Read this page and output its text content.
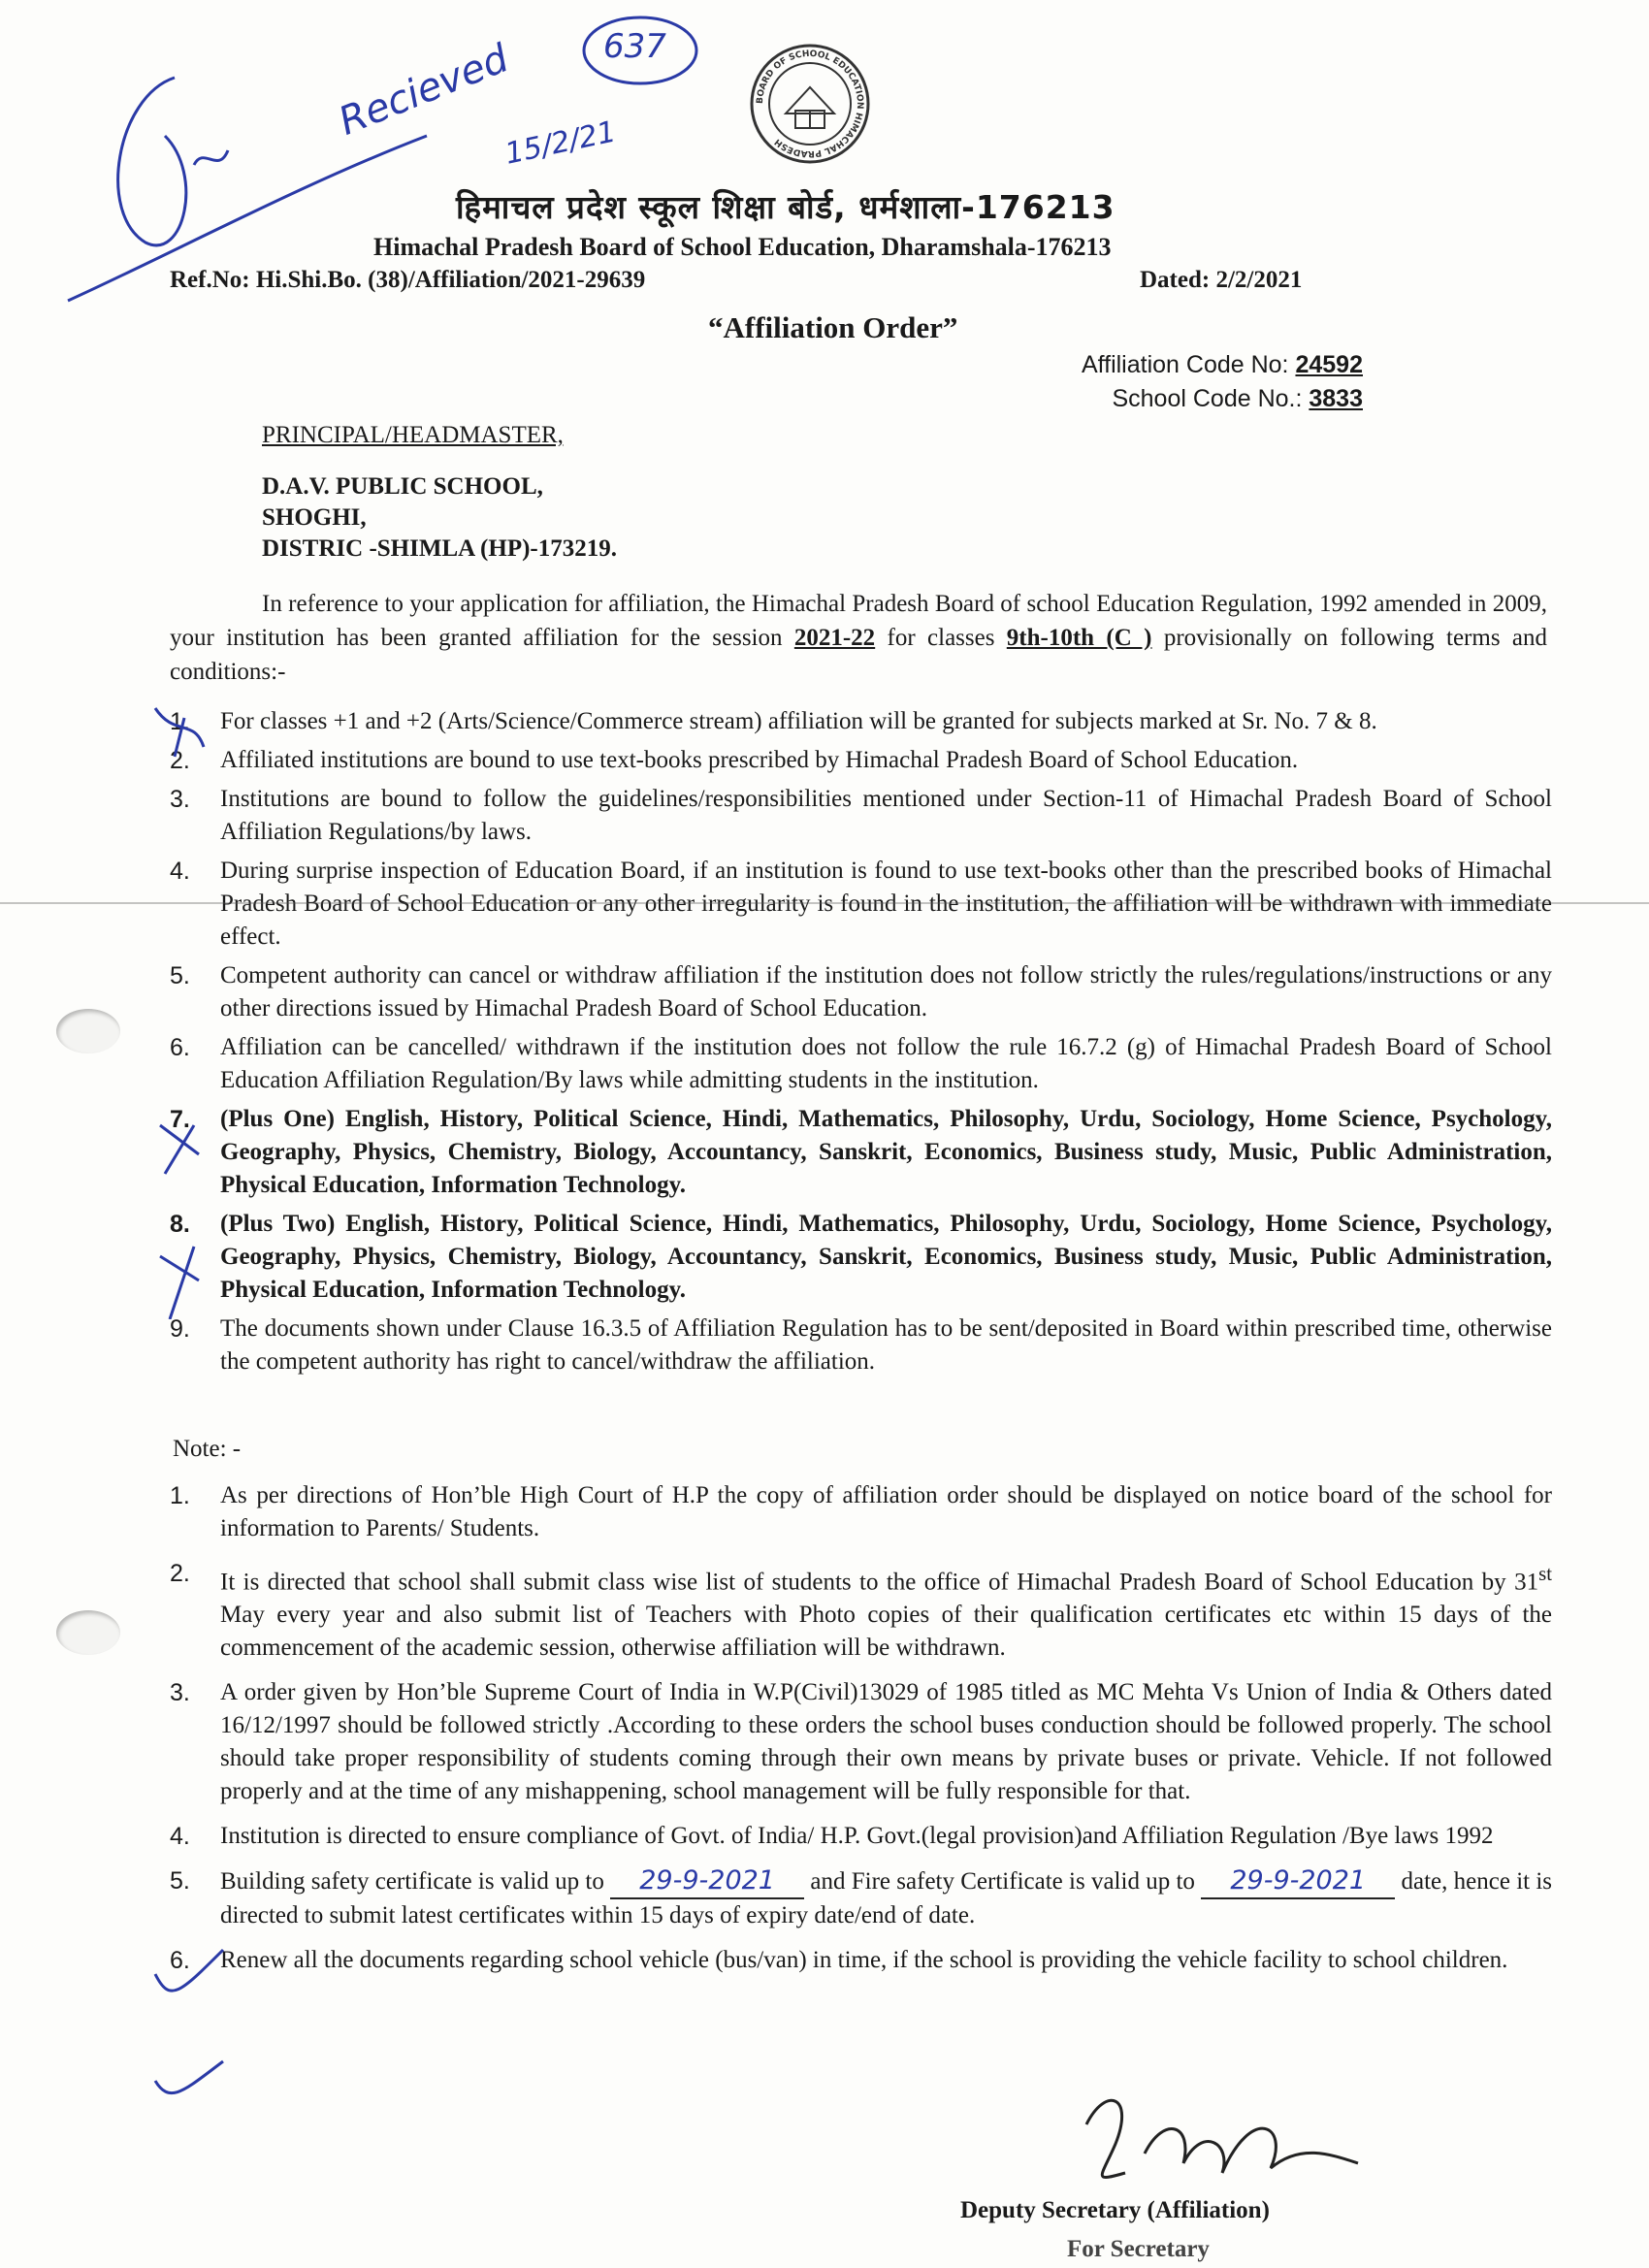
Recieved
15/2/21
637
BOARD OF SCHOOL EDUCATION HIMACHAL PRADESH
हिमाचल प्रदेश स्कूल शिक्षा बोर्ड, धर्मशाला-176213
Himachal Pradesh Board of School Education, Dharamshala-176213
Ref.No: Hi.Shi.Bo. (38)/Affiliation/2021-29639	Dated: 2/2/2021
“Affiliation Order”
Affiliation Code No: 24592
School Code No.: 3833
PRINCIPAL/HEADMASTER,
D.A.V. PUBLIC SCHOOL,
SHOGHI,
DISTRIC -SHIMLA (HP)-173219.
In reference to your application for affiliation, the Himachal Pradesh Board of school Education Regulation, 1992 amended in 2009, your institution has been granted affiliation for the session 2021-22 for classes 9th-10th (C ) provisionally on following terms and conditions:-
1. For classes +1 and +2 (Arts/Science/Commerce stream) affiliation will be granted for subjects marked at Sr. No. 7 & 8.
2. Affiliated institutions are bound to use text-books prescribed by Himachal Pradesh Board of School Education.
3. Institutions are bound to follow the guidelines/responsibilities mentioned under Section-11 of Himachal Pradesh Board of School Affiliation Regulations/by laws.
4. During surprise inspection of Education Board, if an institution is found to use text-books other than the prescribed books of Himachal Pradesh Board of School Education or any other irregularity is found in the institution, the affiliation will be withdrawn with immediate effect.
5. Competent authority can cancel or withdraw affiliation if the institution does not follow strictly the rules/regulations/instructions or any other directions issued by Himachal Pradesh Board of School Education.
6. Affiliation can be cancelled/ withdrawn if the institution does not follow the rule 16.7.2 (g) of Himachal Pradesh Board of School Education Affiliation Regulation/By laws while admitting students in the institution.
7. (Plus One) English, History, Political Science, Hindi, Mathematics, Philosophy, Urdu, Sociology, Home Science, Psychology, Geography, Physics, Chemistry, Biology, Accountancy, Sanskrit, Economics, Business study, Music, Public Administration, Physical Education, Information Technology.
8. (Plus Two) English, History, Political Science, Hindi, Mathematics, Philosophy, Urdu, Sociology, Home Science, Psychology, Geography, Physics, Chemistry, Biology, Accountancy, Sanskrit, Economics, Business study, Music, Public Administration, Physical Education, Information Technology.
9. The documents shown under Clause 16.3.5 of Affiliation Regulation has to be sent/deposited in Board within prescribed time, otherwise the competent authority has right to cancel/withdraw the affiliation.
Note: -
1. As per directions of Hon’ble High Court of H.P the copy of affiliation order should be displayed on notice board of the school for information to Parents/ Students.
2. It is directed that school shall submit class wise list of students to the office of Himachal Pradesh Board of School Education by 31st May every year and also submit list of Teachers with Photo copies of their qualification certificates etc within 15 days of the commencement of the academic session, otherwise affiliation will be withdrawn.
3. A order given by Hon’ble Supreme Court of India in W.P(Civil)13029 of 1985 titled as MC Mehta Vs Union of India & Others dated 16/12/1997 should be followed strictly .According to these orders the school buses conduction should be followed properly. The school should take proper responsibility of students coming through their own means by private buses or private. Vehicle. If not followed properly and at the time of any mishappening, school management will be fully responsible for that.
4. Institution is directed to ensure compliance of Govt. of India/ H.P. Govt.(legal provision)and Affiliation Regulation /Bye laws 1992
5. Building safety certificate is valid up to 29-9-2021 and Fire safety Certificate is valid up to 29-9-2021 date, hence it is directed to submit latest certificates within 15 days of expiry date/end of date.
6. Renew all the documents regarding school vehicle (bus/van) in time, if the school is providing the vehicle facility to school children.
Deputy Secretary (Affiliation)
For Secretary
